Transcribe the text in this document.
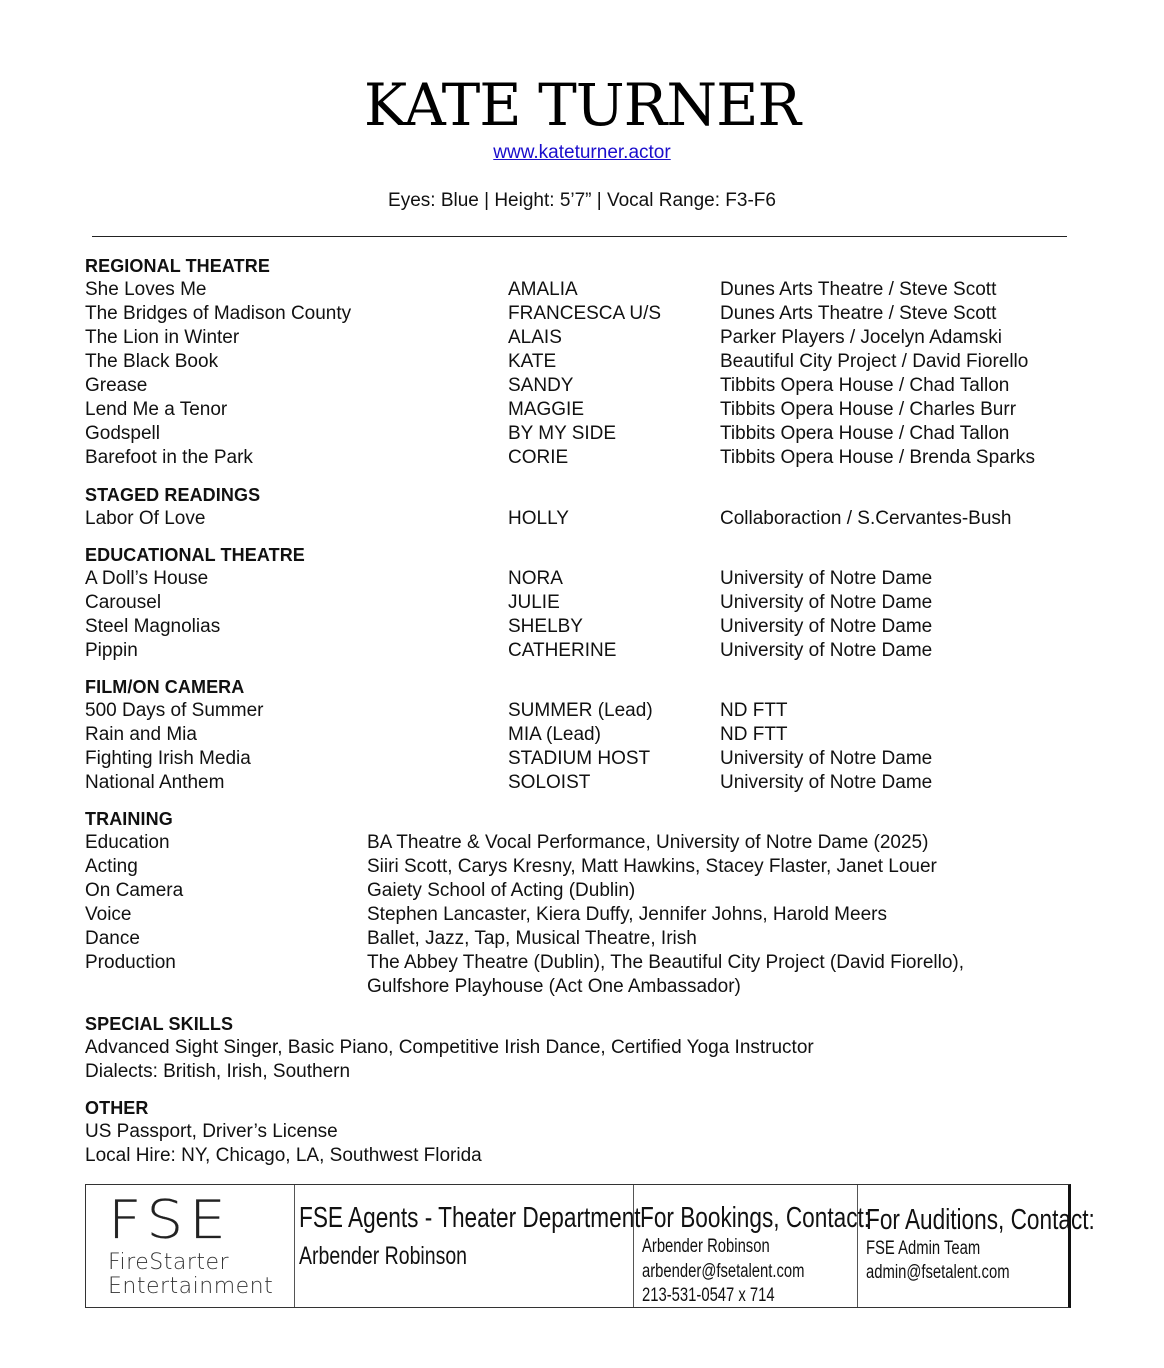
KATE TURNER
www.kateturner.actor
Eyes: Blue | Height: 5’7” | Vocal Range: F3-F6
REGIONAL THEATRE
She Loves Me	AMALIA	Dunes Arts Theatre / Steve Scott
The Bridges of Madison County	FRANCESCA U/S	Dunes Arts Theatre / Steve Scott
The Lion in Winter	ALAIS	Parker Players / Jocelyn Adamski
The Black Book	KATE	Beautiful City Project / David Fiorello
Grease	SANDY	Tibbits Opera House / Chad Tallon
Lend Me a Tenor	MAGGIE	Tibbits Opera House / Charles Burr
Godspell	BY MY SIDE	Tibbits Opera House / Chad Tallon
Barefoot in the Park	CORIE	Tibbits Opera House / Brenda Sparks
STAGED READINGS
Labor Of Love	HOLLY	Collaboraction / S.Cervantes-Bush
EDUCATIONAL THEATRE
A Doll’s House	NORA	University of Notre Dame
Carousel	JULIE	University of Notre Dame
Steel Magnolias	SHELBY	University of Notre Dame
Pippin	CATHERINE	University of Notre Dame
FILM/ON CAMERA
500 Days of Summer	SUMMER (Lead)	ND FTT
Rain and Mia	MIA (Lead)	ND FTT
Fighting Irish Media	STADIUM HOST	University of Notre Dame
National Anthem	SOLOIST	University of Notre Dame
TRAINING
Education	BA Theatre & Vocal Performance, University of Notre Dame (2025)
Acting	Siiri Scott, Carys Kresny, Matt Hawkins, Stacey Flaster, Janet Louer
On Camera	Gaiety School of Acting (Dublin)
Voice	Stephen Lancaster, Kiera Duffy, Jennifer Johns, Harold Meers
Dance	Ballet, Jazz, Tap, Musical Theatre, Irish
Production	The Abbey Theatre (Dublin), The Beautiful City Project (David Fiorello),
Gulfshore Playhouse (Act One Ambassador)
SPECIAL SKILLS
Advanced Sight Singer, Basic Piano, Competitive Irish Dance, Certified Yoga Instructor
Dialects: British, Irish, Southern
OTHER
US Passport, Driver’s License
Local Hire: NY, Chicago, LA, Southwest Florida
FSE
FireStarter
Entertainment
FSE Agents - Theater Department
Arbender Robinson
For Bookings, Contact:
Arbender Robinson
arbender@fsetalent.com
213-531-0547 x 714
For Auditions, Contact:
FSE Admin Team
admin@fsetalent.com
